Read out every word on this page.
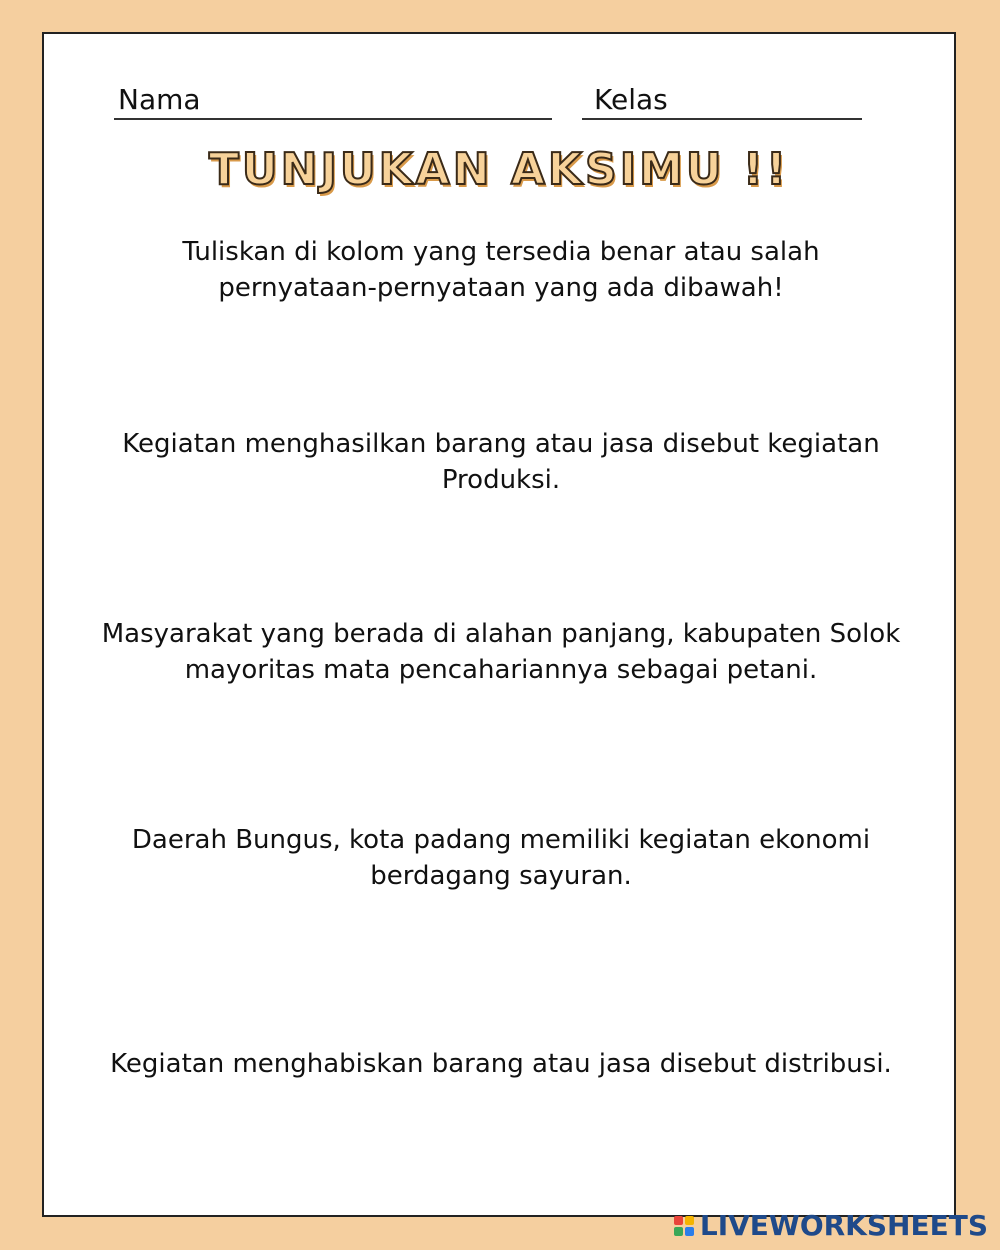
Nama	Kelas
TUNJUKAN AKSIMU !!
Tuliskan di kolom yang tersedia benar atau salah
pernyataan-pernyataan yang ada dibawah!
Kegiatan menghasilkan barang atau jasa disebut kegiatan
Produksi.
Masyarakat yang berada di alahan panjang, kabupaten Solok
mayoritas mata pencahariannya sebagai petani.
Daerah Bungus, kota padang memiliki kegiatan ekonomi
berdagang sayuran.
Kegiatan menghabiskan barang atau jasa disebut distribusi.
LIVEWORKSHEETS
